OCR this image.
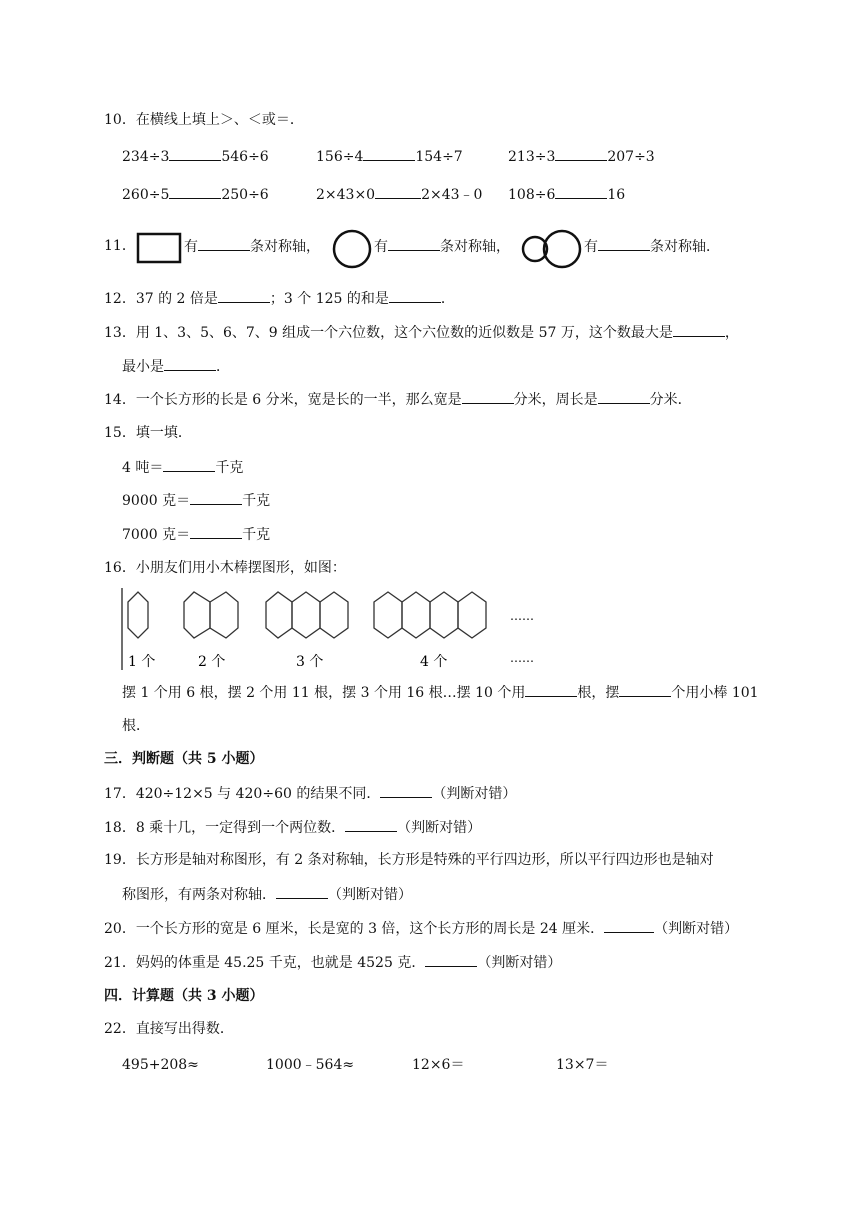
10．在横线上填上＞、＜或＝．
234÷3	546÷6	156÷4	154÷7	213÷3	207÷3
260÷5	250÷6	2×43×0	2×43﹣0 108÷6	16
11．	有	条对称轴，	有	条对称轴，	有	条对称轴．
12．37 的 2 倍是	；3 个 125 的和是	．
13．用 1、3、5、6、7、9 组成一个六位数，这个六位数的近似数是 57 万，这个数最大是	，
最小是	．
14．一个长方形的长是 6 分米，宽是长的一半，那么宽是	分米，周长是	分米．
15．填一填．
4 吨＝	千克
9000 克＝	千克
7000 克＝	千克
16．小朋友们用小木棒摆图形，如图：
1 个	2 个	3 个	4 个
……
……
摆 1 个用 6 根，摆 2 个用 11 根，摆 3 个用 16 根…摆 10 个用	根，摆	个用小棒 101
根．
三．判断题（共 5 小题）
17．420÷12×5 与 420÷60 的结果不同．	（判断对错）
18．8 乘十几，一定得到一个两位数．	（判断对错）
19．长方形是轴对称图形，有 2 条对称轴，长方形是特殊的平行四边形，所以平行四边形也是轴对
称图形，有两条对称轴．	（判断对错）
20．一个长方形的宽是 6 厘米，长是宽的 3 倍，这个长方形的周长是 24 厘米．	（判断对错）
21．妈妈的体重是 45.25 千克，也就是 4525 克．	（判断对错）
四．计算题（共 3 小题）
22．直接写出得数．
495+208≈	1000﹣564≈	12×6＝	13×7＝
